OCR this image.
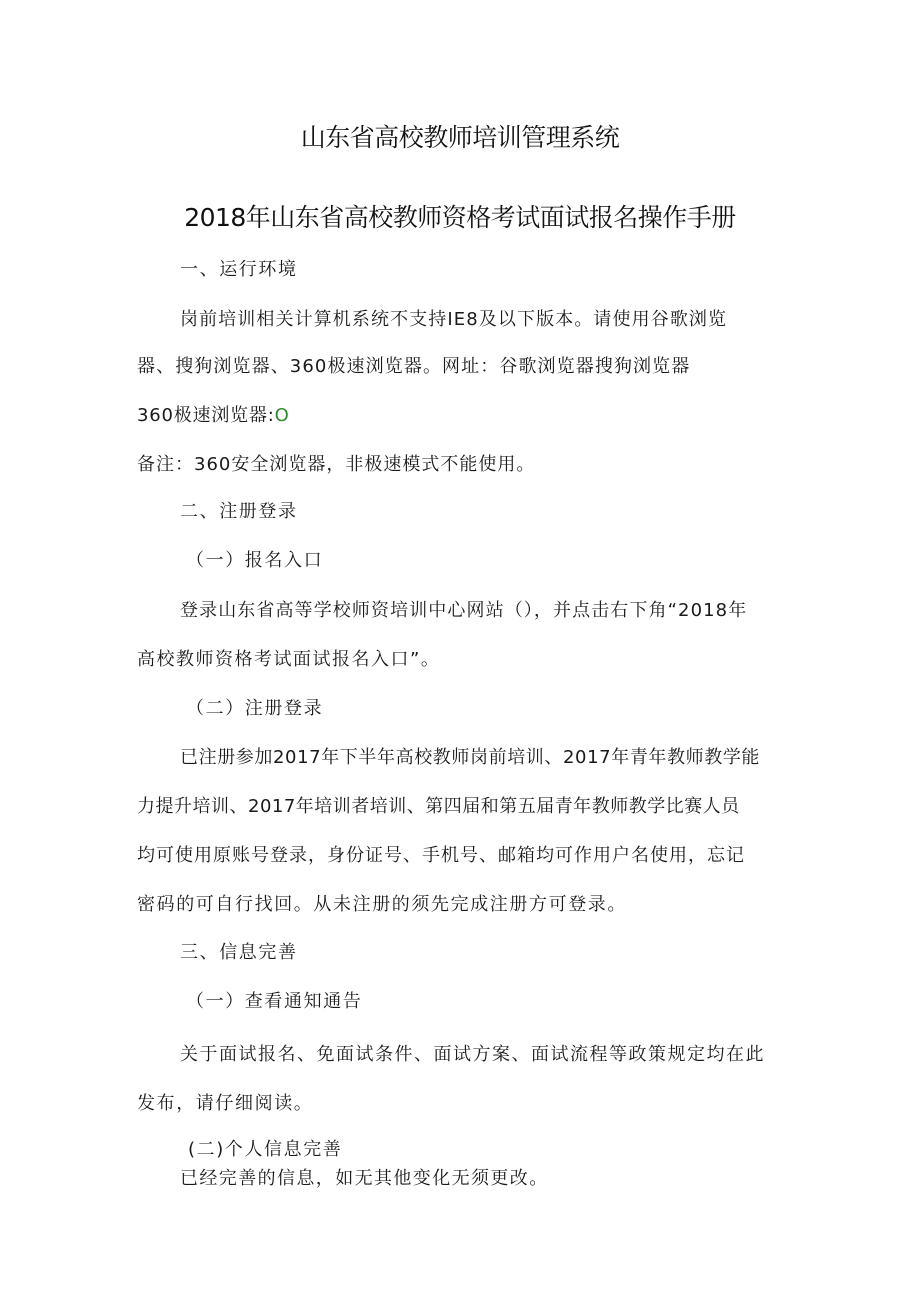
山东省高校教师培训管理系统
2018年山东省高校教师资格考试面试报名操作手册
一、运行环境
岗前培训相关计算机系统不支持IE8及以下版本。请使用谷歌浏览
器、搜狗浏览器、360极速浏览器。网址：谷歌浏览器搜狗浏览器
360极速浏览器:O
备注：360安全浏览器，非极速模式不能使用。
二、注册登录
（一）报名入口
登录山东省高等学校师资培训中心网站（），并点击右下角“2018年
高校教师资格考试面试报名入口”。
（二）注册登录
已注册参加2017年下半年高校教师岗前培训、2017年青年教师教学能
力提升培训、2017年培训者培训、第四届和第五届青年教师教学比赛人员
均可使用原账号登录，身份证号、手机号、邮箱均可作用户名使用，忘记
密码的可自行找回。从未注册的须先完成注册方可登录。
三、信息完善
（一）查看通知通告
关于面试报名、免面试条件、面试方案、面试流程等政策规定均在此
发布，请仔细阅读。
(二)个人信息完善
已经完善的信息，如无其他变化无须更改。
